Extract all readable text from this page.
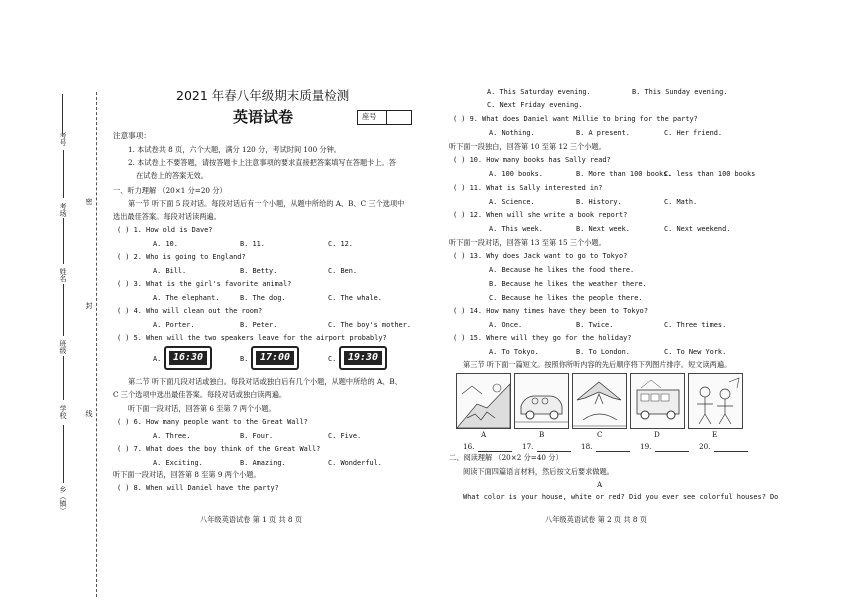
考号
考场
姓名
班级
学校
乡（镇）
密
封
线
2021 年春八年级期末质量检测
英语试卷	座号
注意事项：
1. 本试卷共 8 页，六个大题，满分 120 分，考试时间 100 分钟。
2. 本试卷上不要答题，请按答题卡上注意事项的要求直接把答案填写在答题卡上。答
在试卷上的答案无效。
一、听力理解 （20×1 分=20 分）
第一节 听下面 5 段对话。每段对话后有一个小题，从题中所给的 A、B、C 三个选项中
选出最佳答案。每段对话读两遍。
( ) 1. How old is Dave?
A. 10.	B. 11.	C. 12.
( ) 2. Who is going to England?
A. Bill.	B. Betty.	C. Ben.
( ) 3. What is the girl's favorite animal?
A. The elephant.	B. The dog.	C. The whale.
( ) 4. Who will clean out the room?
A. Porter.	B. Peter.	C. The boy's mother.
( ) 5. When will the two speakers leave for the airport probably?
A.	16:30	B.	17:00	C.	19:30
第二节 听下面几段对话或独白。每段对话或独白后有几个小题，从题中所给的 A、B、
C 三个选项中选出最佳答案。每段对话或独白读两遍。
听下面一段对话，回答第 6 至第 7 两个小题。
( ) 6. How many people want to the Great Wall?
A. Three.	B. Four.	C. Five.
( ) 7. What does the boy think of the Great Wall?
A. Exciting.	B. Amazing.	C. Wonderful.
听下面一段对话，回答第 8 至第 9 两个小题。
( ) 8. When will Daniel have the party?
八年级英语试卷 第 1 页 共 8 页
A. This Saturday evening.	B. This Sunday evening.
C. Next Friday evening.
( ) 9. What does Daniel want Millie to bring for the party?
A. Nothing.	B. A present.	C. Her friend.
听下面一段独白，回答第 10 至第 12 三个小题。
( ) 10. How many books has Sally read?
A. 100 books.	B. More than 100 books.
C. less than 100 books
( ) 11. What is Sally interested in?
A. Science.	B. History.	C. Math.
( ) 12. When will she write a book report?
A. This week.	B. Next week.	C. Next weekend.
听下面一段对话，回答第 13 至第 15 三个小题。
( ) 13. Why does Jack want to go to Tokyo?
A. Because he likes the food there.
B. Because he likes the weather there.
C. Because he likes the people there.
( ) 14. How many times have they been to Tokyo?
A. Once.	B. Twice.	C. Three times.
( ) 15. Where will they go for the holiday?
A. To Tokyo.	B. To London.	C. To New York.
第三节 听下面一篇短文。按照你所听内容的先后顺序将下列图片排序。短文读两遍。
A	B	C	D	E
16.	17.	18.	19.	20.
二、阅读理解 （20×2 分=40 分）
阅读下面四篇语言材料，然后按文后要求做题。
A
What color is your house, white or red? Did you ever see colorful houses? Do
八年级英语试卷 第 2 页 共 8 页
